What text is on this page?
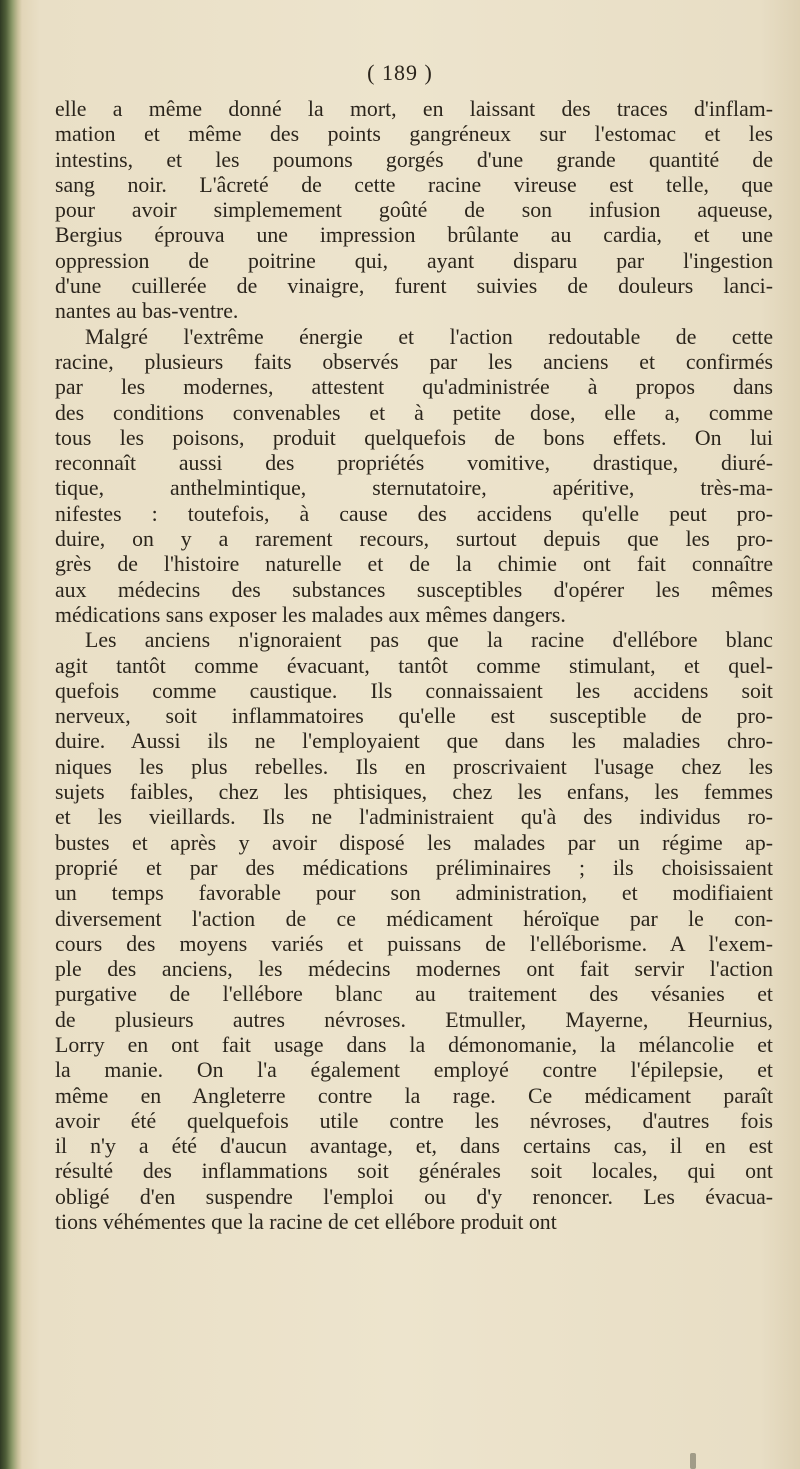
( 189 )
elle a même donné la mort, en laissant des traces d'inflam-
mation et même des points gangréneux sur l'estomac et les
intestins, et les poumons gorgés d'une grande quantité de
sang noir. L'âcreté de cette racine vireuse est telle, que
pour avoir simplemement goûté de son infusion aqueuse,
Bergius éprouva une impression brûlante au cardia, et une
oppression de poitrine qui, ayant disparu par l'ingestion
d'une cuillerée de vinaigre, furent suivies de douleurs lanci-
nantes au bas-ventre.
Malgré l'extrême énergie et l'action redoutable de cette
racine, plusieurs faits observés par les anciens et confirmés
par les modernes, attestent qu'administrée à propos dans
des conditions convenables et à petite dose, elle a, comme
tous les poisons, produit quelquefois de bons effets. On lui
reconnaît aussi des propriétés vomitive, drastique, diuré-
tique, anthelmintique, sternutatoire, apéritive, très-ma-
nifestes : toutefois, à cause des accidens qu'elle peut pro-
duire, on y a rarement recours, surtout depuis que les pro-
grès de l'histoire naturelle et de la chimie ont fait connaître
aux médecins des substances susceptibles d'opérer les mêmes
médications sans exposer les malades aux mêmes dangers.
Les anciens n'ignoraient pas que la racine d'ellébore blanc
agit tantôt comme évacuant, tantôt comme stimulant, et quel-
quefois comme caustique. Ils connaissaient les accidens soit
nerveux, soit inflammatoires qu'elle est susceptible de pro-
duire. Aussi ils ne l'employaient que dans les maladies chro-
niques les plus rebelles. Ils en proscrivaient l'usage chez les
sujets faibles, chez les phtisiques, chez les enfans, les femmes
et les vieillards. Ils ne l'administraient qu'à des individus ro-
bustes et après y avoir disposé les malades par un régime ap-
proprié et par des médications préliminaires ; ils choisissaient
un temps favorable pour son administration, et modifiaient
diversement l'action de ce médicament héroïque par le con-
cours des moyens variés et puissans de l'elléborisme. A l'exem-
ple des anciens, les médecins modernes ont fait servir l'action
purgative de l'ellébore blanc au traitement des vésanies et
de plusieurs autres névroses. Etmuller, Mayerne, Heurnius,
Lorry en ont fait usage dans la démonomanie, la mélancolie et
la manie. On l'a également employé contre l'épilepsie, et
même en Angleterre contre la rage. Ce médicament paraît
avoir été quelquefois utile contre les névroses, d'autres fois
il n'y a été d'aucun avantage, et, dans certains cas, il en est
résulté des inflammations soit générales soit locales, qui ont
obligé d'en suspendre l'emploi ou d'y renoncer. Les évacua-
tions véhémentes que la racine de cet ellébore produit ont
